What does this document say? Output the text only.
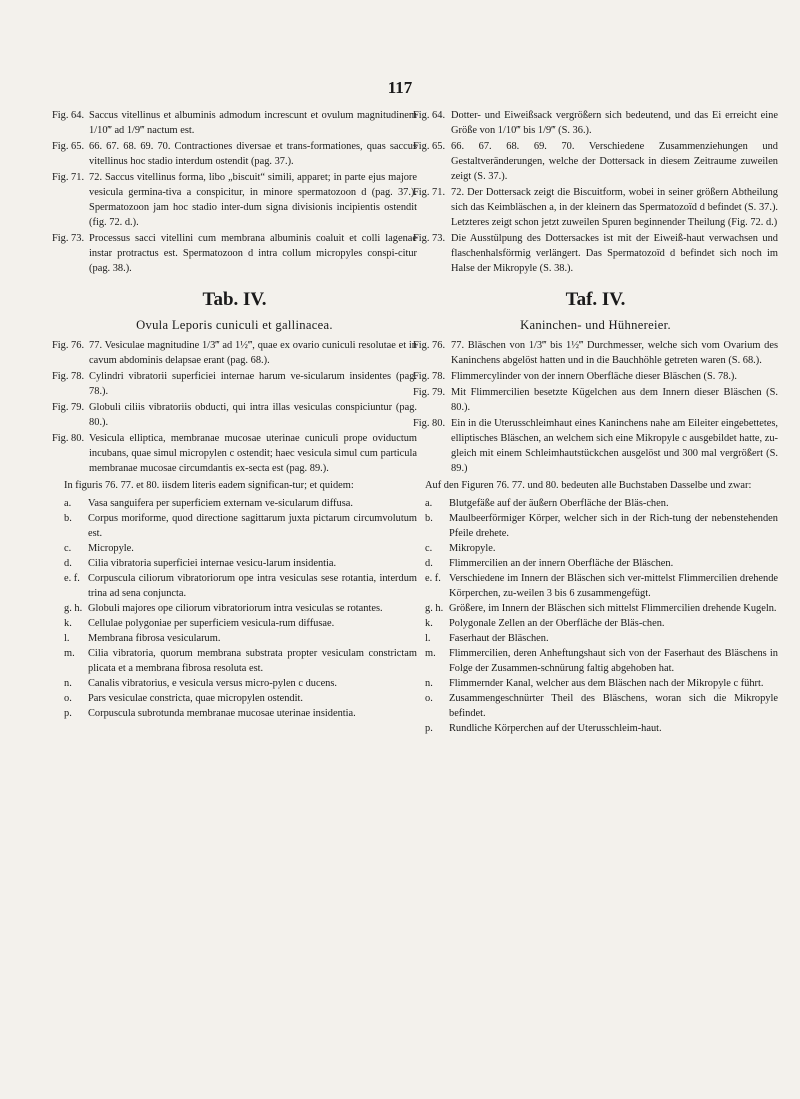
117
Fig. 64. Saccus vitellinus et albuminis admodum increscunt et ovulum magnitudinem 1/10‴ ad 1/9‴ nactum est.
Fig. 65. 66. 67. 68. 69. 70. Contractiones diversae et trans-formationes, quas saccus vitellinus hoc stadio interdum ostendit (pag. 37.).
Fig. 71. 72. Saccus vitellinus forma, libo „biscuit“ simili, apparet; in parte ejus majore vesicula germina-tiva a conspicitur, in minore spermatozoon d (pag. 37.). Spermatozoon jam hoc stadio inter-dum signa divisionis incipientis ostendit (fig. 72. d.).
Fig. 73. Processus sacci vitellini cum membrana albuminis coaluit et colli lagenae instar protractus est. Spermatozoon d intra collum micropyles conspi-citur (pag. 38.).
Tab. IV.
Ovula Leporis cuniculi et gallinacea.
Fig. 76. 77. Vesiculae magnitudine 1/3‴ ad 1½‴, quae ex ovario cuniculi resolutae et in cavum abdominis delapsae erant (pag. 68.).
Fig. 78. Cylindri vibratorii superficiei internae harum ve-sicularum insidentes (pag. 78.).
Fig. 79. Globuli ciliis vibratoriis obducti, qui intra illas vesiculas conspiciuntur (pag. 80.).
Fig. 80. Vesicula elliptica, membranae mucosae uterinae cuniculi prope oviductum incubans, quae simul micropylen c ostendit; haec vesicula simul cum particula membranae mucosae circumdantis ex-secta est (pag. 89.).
In figuris 76. 77. et 80. iisdem literis eadem significan-tur; et quidem:
a.	Vasa sanguifera per superficiem externam ve-sicularum diffusa.
b.	Corpus moriforme, quod directione sagittarum juxta pictarum circumvolutum est.
c.	Micropyle.
d.	Cilia vibratoria superficiei internae vesicu-larum insidentia.
e. f. Corpuscula ciliorum vibratoriorum ope intra vesiculas sese rotantia, interdum trina ad sena conjuncta.
g. h. Globuli majores ope ciliorum vibratoriorum intra vesiculas se rotantes.
k.	Cellulae polygoniae per superficiem vesicula-rum diffusae.
l.	Membrana fibrosa vesicularum.
m.	Cilia vibratoria, quorum membrana substrata propter vesiculam constrictam plicata et a membrana fibrosa resoluta est.
n.	Canalis vibratorius, e vesicula versus micro-pylen c ducens.
o.	Pars vesiculae constricta, quae micropylen ostendit.
p.	Corpuscula subrotunda membranae mucosae uterinae insidentia.
Fig. 64. Dotter- und Eiweißsack vergrößern sich bedeutend, und das Ei erreicht eine Größe von 1/10‴ bis 1/9‴ (S. 36.).
Fig. 65. 66. 67. 68. 69. 70. Verschiedene Zusammenziehungen und Gestaltveränderungen, welche der Dottersack in diesem Zeitraume zuweilen zeigt (S. 37.).
Fig. 71. 72. Der Dottersack zeigt die Biscuitform, wobei in seiner größern Abtheilung sich das Keimbläschen a, in der kleinern das Spermatozoïd d befindet (S. 37.). Letzteres zeigt schon jetzt zuweilen Spuren beginnender Theilung (Fig. 72. d.)
Fig. 73. Die Ausstülpung des Dottersackes ist mit der Eiweiß-haut verwachsen und flaschenhalsförmig verlängert. Das Spermatozoïd d befindet sich noch im Halse der Mikropyle (S. 38.).
Taf. IV.
Kaninchen- und Hühnereier.
Fig. 76. 77. Bläschen von 1/3‴ bis 1½‴ Durchmesser, welche sich vom Ovarium des Kaninchens abgelöst hatten und in die Bauchhöhle getreten waren (S. 68.).
Fig. 78. Flimmercylinder von der innern Oberfläche dieser Bläschen (S. 78.).
Fig. 79. Mit Flimmercilien besetzte Kügelchen aus dem Innern dieser Bläschen (S. 80.).
Fig. 80. Ein in die Uterusschleimhaut eines Kaninchens nahe am Eileiter eingebettetes, elliptisches Bläschen, an welchem sich eine Mikropyle c ausgebildet hatte, zu-gleich mit einem Schleimhautstückchen ausgelöst und 300 mal vergrößert (S. 89.)
Auf den Figuren 76. 77. und 80. bedeuten alle Buchstaben Dasselbe und zwar:
a.	Blutgefäße auf der äußern Oberfläche der Bläs-chen.
b.	Maulbeerförmiger Körper, welcher sich in der Rich-tung der nebenstehenden Pfeile drehete.
c.	Mikropyle.
d.	Flimmercilien an der innern Oberfläche der Bläschen.
e. f. Verschiedene im Innern der Bläschen sich ver-mittelst Flimmercilien drehende Körperchen, zu-weilen 3 bis 6 zusammengefügt.
g. h. Größere, im Innern der Bläschen sich mittelst Flimmercilien drehende Kugeln.
k.	Polygonale Zellen an der Oberfläche der Bläs-chen.
l.	Faserhaut der Bläschen.
m.	Flimmercilien, deren Anheftungshaut sich von der Faserhaut des Bläschens in Folge der Zusammen-schnürung faltig abgehoben hat.
n.	Flimmernder Kanal, welcher aus dem Bläschen nach der Mikropyle c führt.
o.	Zusammengeschnürter Theil des Bläschens, woran sich die Mikropyle befindet.
p.	Rundliche Körperchen auf der Uterusschleim-haut.
